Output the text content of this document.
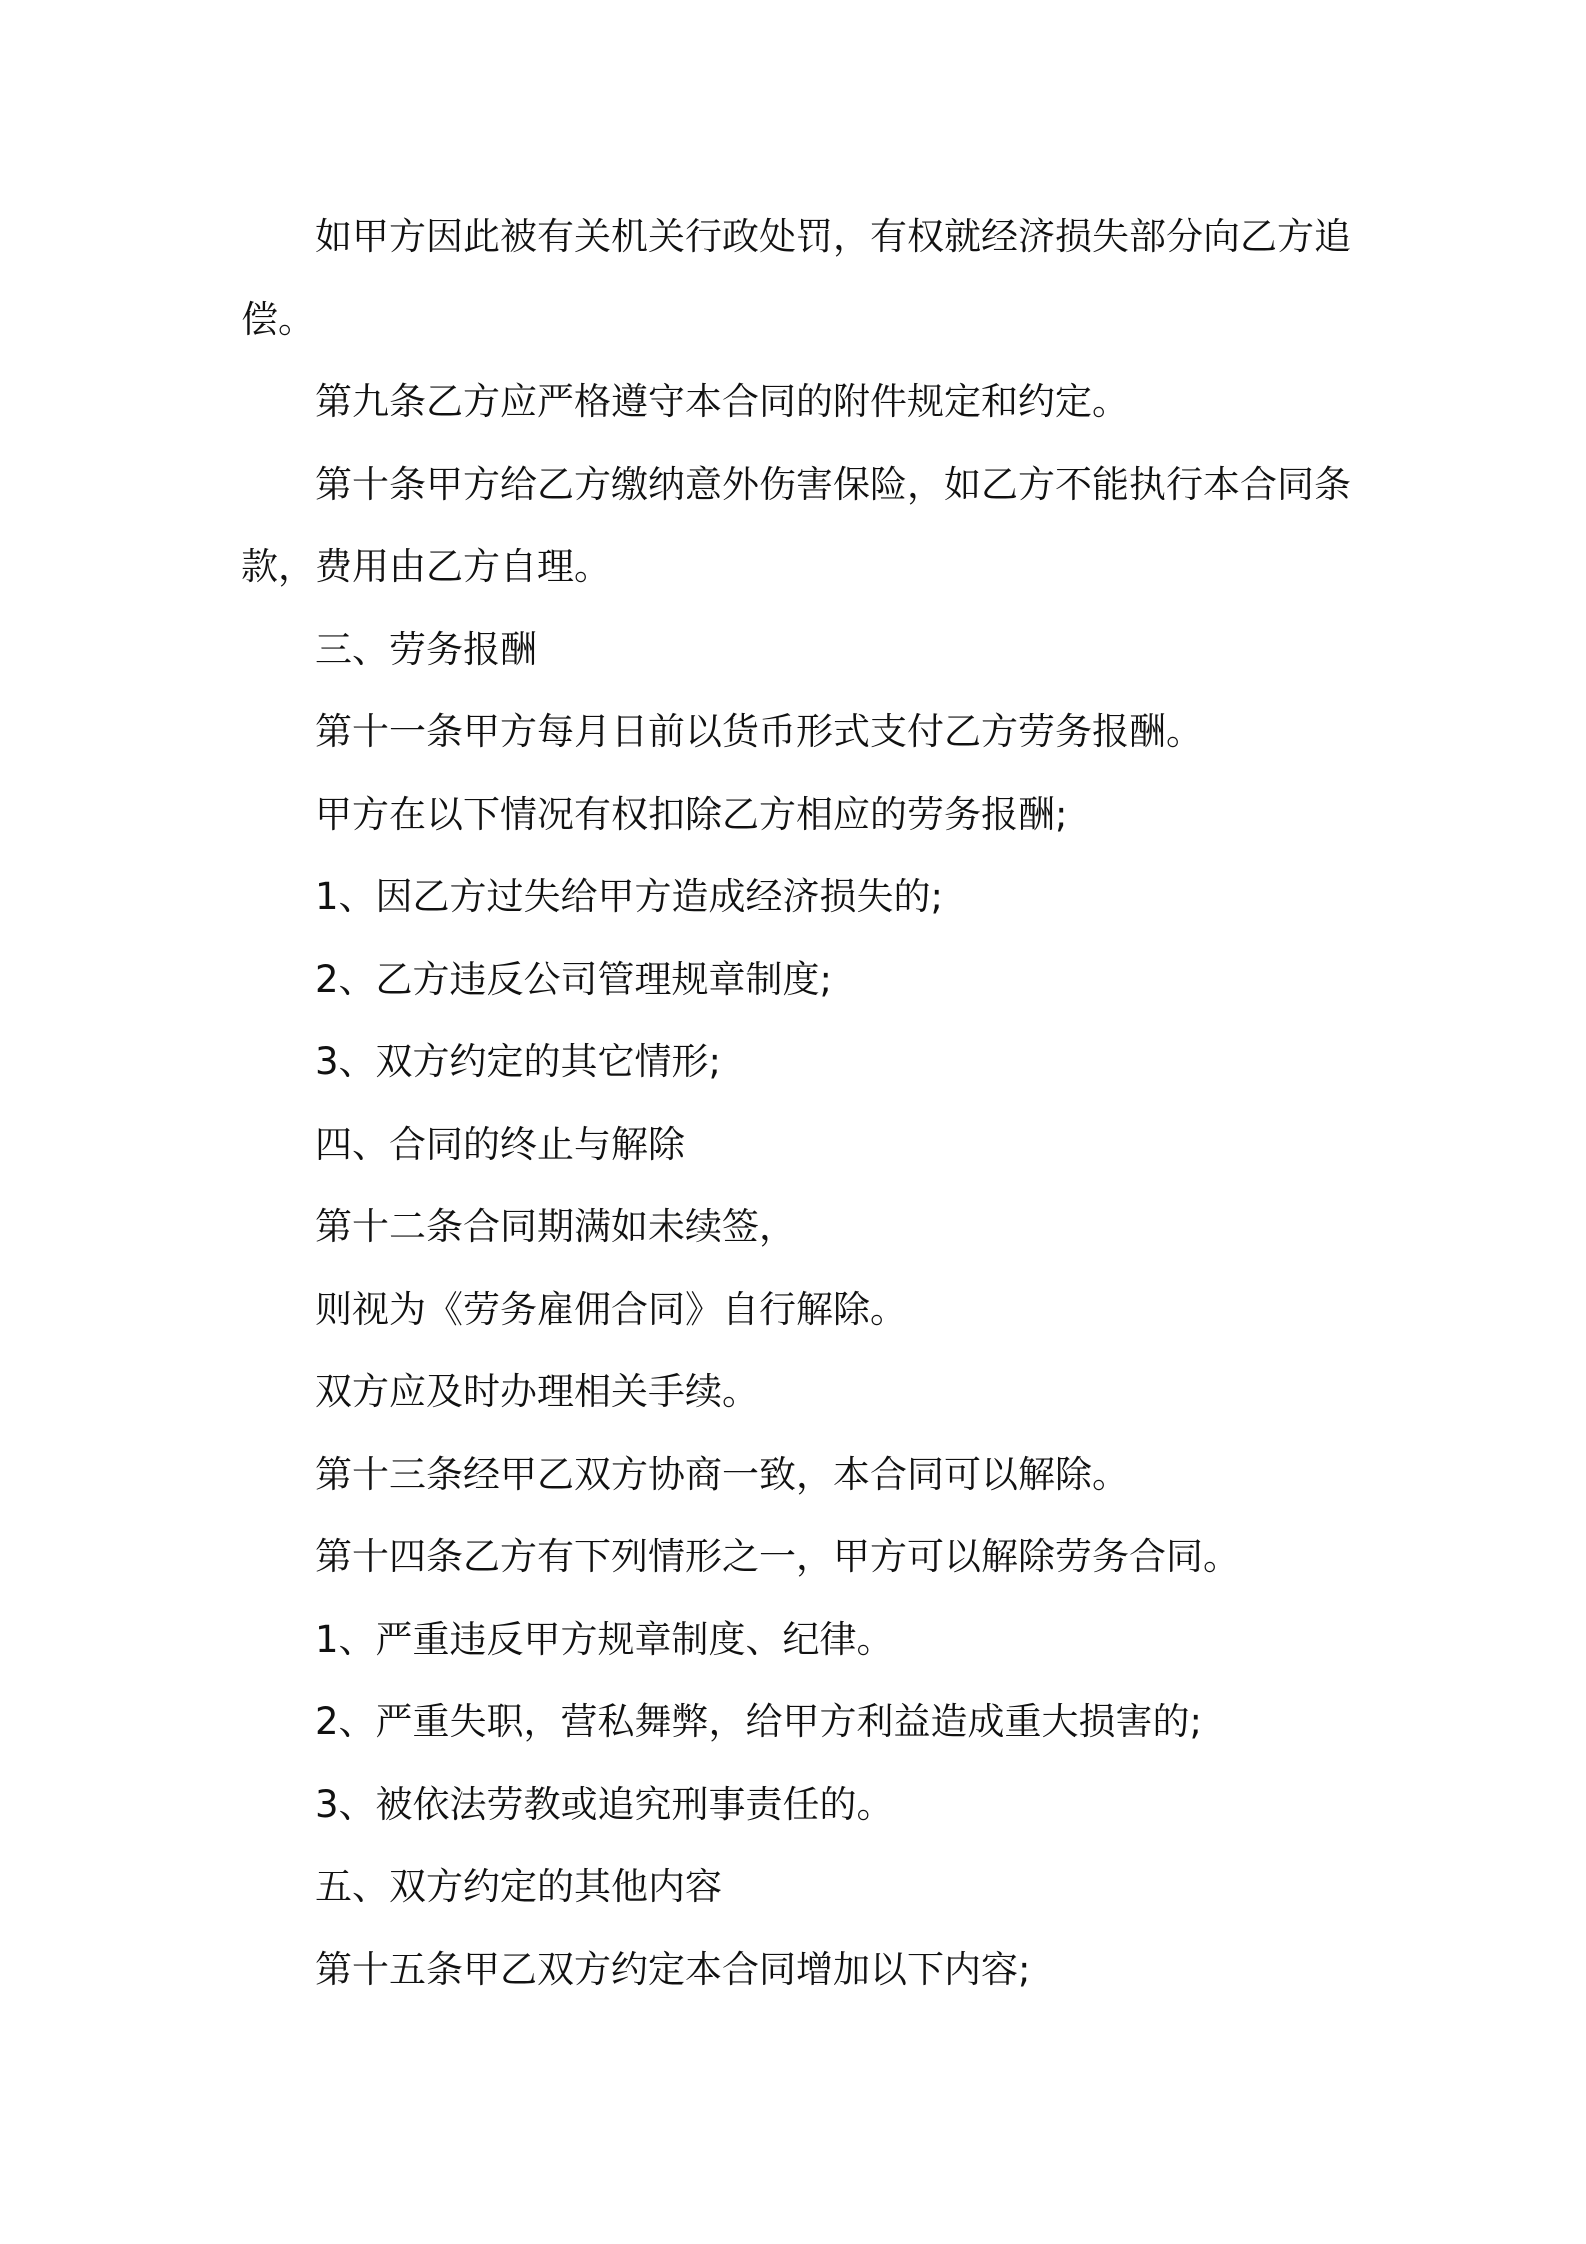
如甲方因此被有关机关行政处罚，有权就经济损失部分向乙方追偿。

第九条乙方应严格遵守本合同的附件规定和约定。

第十条甲方给乙方缴纳意外伤害保险，如乙方不能执行本合同条款，费用由乙方自理。

三、劳务报酬

第十一条甲方每月日前以货币形式支付乙方劳务报酬。

甲方在以下情况有权扣除乙方相应的劳务报酬;

1、因乙方过失给甲方造成经济损失的;

2、乙方违反公司管理规章制度;

3、双方约定的其它情形;

四、合同的终止与解除

第十二条合同期满如未续签，

则视为《劳务雇佣合同》自行解除。

双方应及时办理相关手续。

第十三条经甲乙双方协商一致，本合同可以解除。

第十四条乙方有下列情形之一，甲方可以解除劳务合同。

1、严重违反甲方规章制度、纪律。

2、严重失职，营私舞弊，给甲方利益造成重大损害的;

3、被依法劳教或追究刑事责任的。

五、双方约定的其他内容

第十五条甲乙双方约定本合同增加以下内容;
